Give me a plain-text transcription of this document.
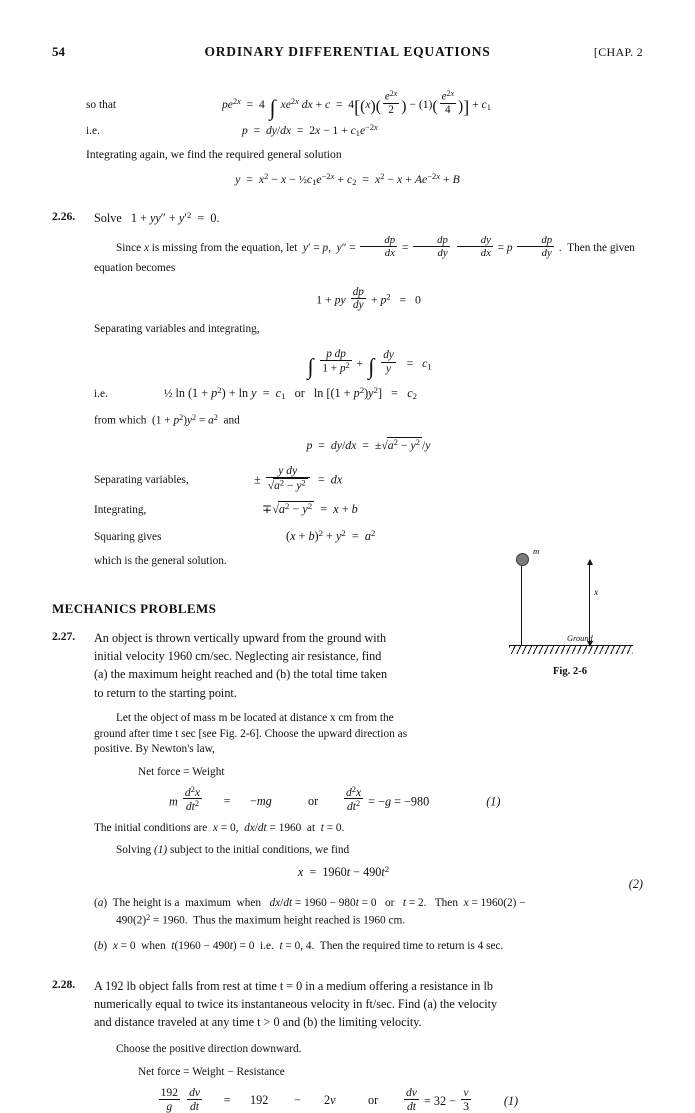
54	ORDINARY DIFFERENTIAL EQUATIONS	[CHAP. 2
so that	$pe^{2x} = 4$ ∫ $xe^{2x}$ dx + $c = 4[(x)( \frac{e^{2x}}{2}$ ) − $(1)( \frac{e^{2x}}{4}$ )] + $c_1$
i.e.	$p = dy/dx = 2x - 1 + c_1e^{-2x}$
Integrating again, we find the required general solution
$y = x^2 - x$ − $\frac{1}{2}c_1e^{-2x} + c_2 = x^2 - x + Ae^{-2x} + B$
2.26.	Solve   $1 + yy'' + y'^2 = 0$.
Since x is missing from the equation, let  y′ = p,  $y'' = \frac{dp}{dx} = \frac{dp}{dy}$
$\frac{dy}{dx} = p \frac{dp}{dy}$ .  Then the given equation becomes
1 + py $\frac{dp}{dy} + p^2 = 0$
Separating variables and integrating,
∫ $\frac{\text{p dp}}{1 + p^2}$ + ∫ $\frac{dy}{y} = c_1$
i.e.	½ $\ln (1 + p^2) + \ln y = c_1$   or   $\ln [(1 + p^2)y^2] = c_2$
from which  $(1 + p^2)y^2 = a^2$  and
$p = dy/dx = \pm√a^2 - y^2$ /y
Separating variables,	± $\frac{\text{y dy}}{√a^2 - y^2}$ =  dx
Integrating,	$\mp√a^2 - y^2 = x + b$
Squaring gives	$(x + b)^2 + y^2 = a^2$
which is the general solution.
MECHANICS PROBLEMS
2.27.	An object is thrown vertically upward from the ground with
initial velocity 1960 cm/sec. Neglecting air resistance, find
(a) the maximum height reached and (b) the total time taken
to return to the starting point.
Let the object of mass m be located at distance x cm from the
ground after time t sec [see Fig. 2-6]. Choose the upward direction as
positive. By Newton's law,
Net force = Weight
m $\frac{d^2x}{dt^2}$	=	−mg	or	$\frac{d^2x}{dt^2} = -g = -980$	(1)
The initial conditions are  x = 0,  dx/dt = 1960  at  t = 0.
Solving (1) subject to the initial conditions, we find
$x = 1960t - 490t^2$
(2)
(a)  The height is a  maximum  when   dx/dt = 1960 − 980t = 0   or   t = 2.   Then  x = 1960(2) −
$490(2)^2 = 1960$.  Thus the maximum height reached is 1960 cm.
(b)  x = 0  when  t(1960 − 490t) = 0  i.e.  t = 0, 4.  Then the required time to return is 4 sec.
2.28.	A 192 lb object falls from rest at time t = 0 in a medium offering a resistance in lb
numerically equal to twice its instantaneous velocity in ft/sec. Find (a) the velocity
and distance traveled at any time t > 0 and (b) the limiting velocity.
Choose the positive direction downward.
Net force = Weight − Resistance
$\frac{192}{g}$
$\frac{dv}{dt}$	=	192	−	2v	or	$\frac{dv}{dt} = 32 - \frac{v}{3}$	(1)
m
x
Ground
Fig. 2-6
